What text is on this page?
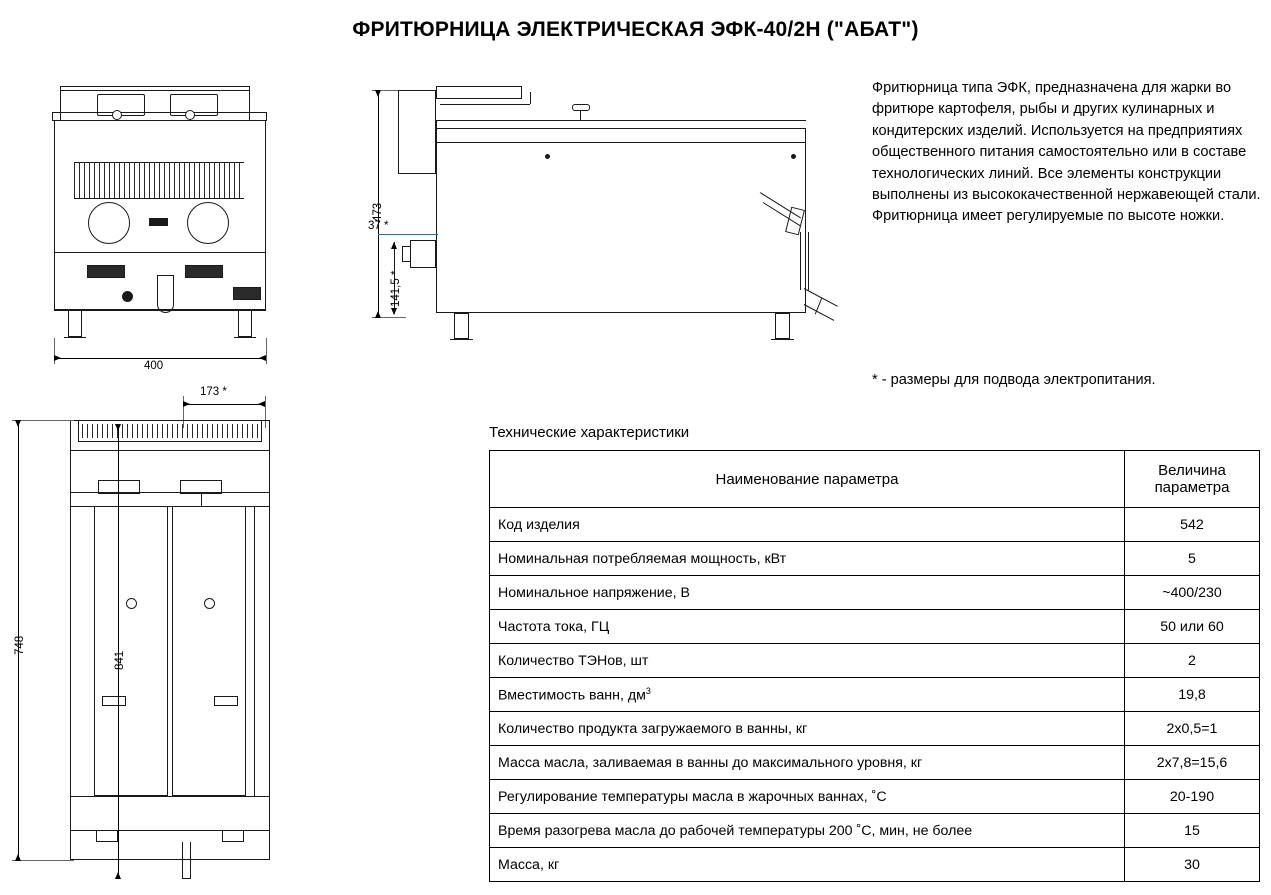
ФРИТЮРНИЦА ЭЛЕКТРИЧЕСКАЯ ЭФК-40/2Н ("АБАТ")
400
473
37 *
141,5 *
173 *
748
841
Фритюрница типа ЭФК, предназначена для жарки во фритюре картофеля, рыбы и других кулинарных и кондитерских изделий. Используется на предприятиях общественного питания самостоятельно или в составе технологических линий. Все элементы конструкции выполнены из высококачественной нержавеющей стали. Фритюрница имеет регулируемые по высоте ножки.
* - размеры для подвода электропитания.
Технические характеристики
Наименование параметра	Величина
параметра
Код изделия	542
Номинальная потребляемая мощность, кВт	5
Номинальное напряжение, В	~400/230
Частота тока, ГЦ	50 или 60
Количество ТЭНов, шт	2
Вместимость ванн, $дм^3$	19,8
Количество продукта загружаемого в ванны, кг	2х0,5=1
Масса масла, заливаемая в ванны до максимального уровня, кг	2х7,8=15,6
Регулирование температуры масла в жарочных ваннах, ˚С	20-190
Время разогрева масла до рабочей температуры 200 ˚С, мин, не более	15
Масса, кг	30
